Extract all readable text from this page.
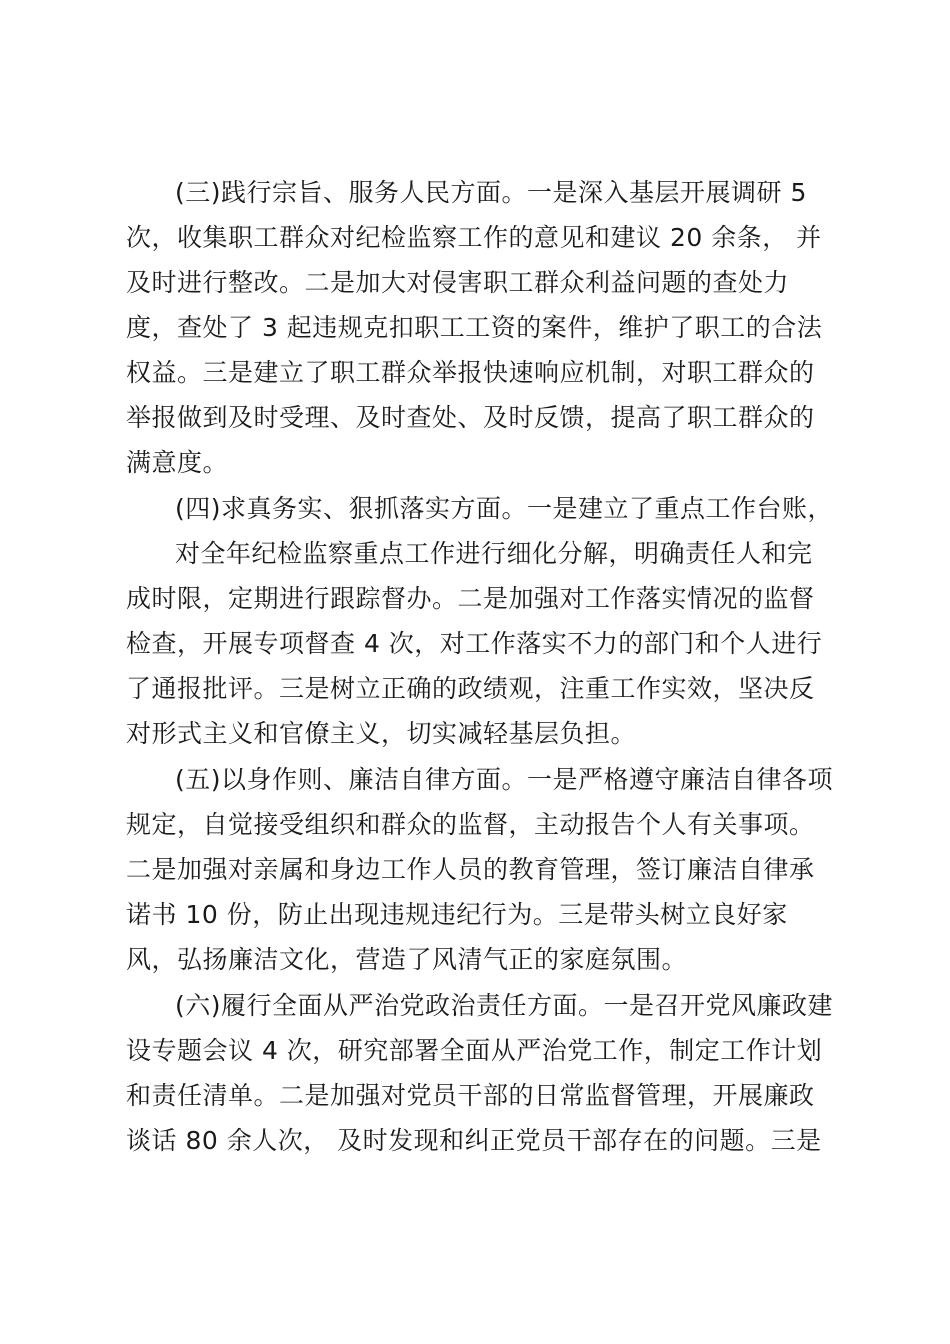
(三)践行宗旨、服务人民方面。一是深入基层开展调研 5
次，收集职工群众对纪检监察工作的意见和建议 20 余条， 并
及时进行整改。二是加大对侵害职工群众利益问题的查处力
度，查处了 3 起违规克扣职工工资的案件，维护了职工的合法
权益。三是建立了职工群众举报快速响应机制，对职工群众的
举报做到及时受理、及时查处、及时反馈，提高了职工群众的
满意度。
(四)求真务实、狠抓落实方面。一是建立了重点工作台账，
对全年纪检监察重点工作进行细化分解，明确责任人和完
成时限，定期进行跟踪督办。二是加强对工作落实情况的监督
检查，开展专项督查 4 次，对工作落实不力的部门和个人进行
了通报批评。三是树立正确的政绩观，注重工作实效，坚决反
对形式主义和官僚主义，切实减轻基层负担。
(五)以身作则、廉洁自律方面。一是严格遵守廉洁自律各项
规定，自觉接受组织和群众的监督，主动报告个人有关事项。
二是加强对亲属和身边工作人员的教育管理，签订廉洁自律承
诺书 10 份，防止出现违规违纪行为。三是带头树立良好家
风，弘扬廉洁文化，营造了风清气正的家庭氛围。
(六)履行全面从严治党政治责任方面。一是召开党风廉政建
设专题会议 4 次，研究部署全面从严治党工作，制定工作计划
和责任清单。二是加强对党员干部的日常监督管理，开展廉政
谈话 80 余人次， 及时发现和纠正党员干部存在的问题。三是
